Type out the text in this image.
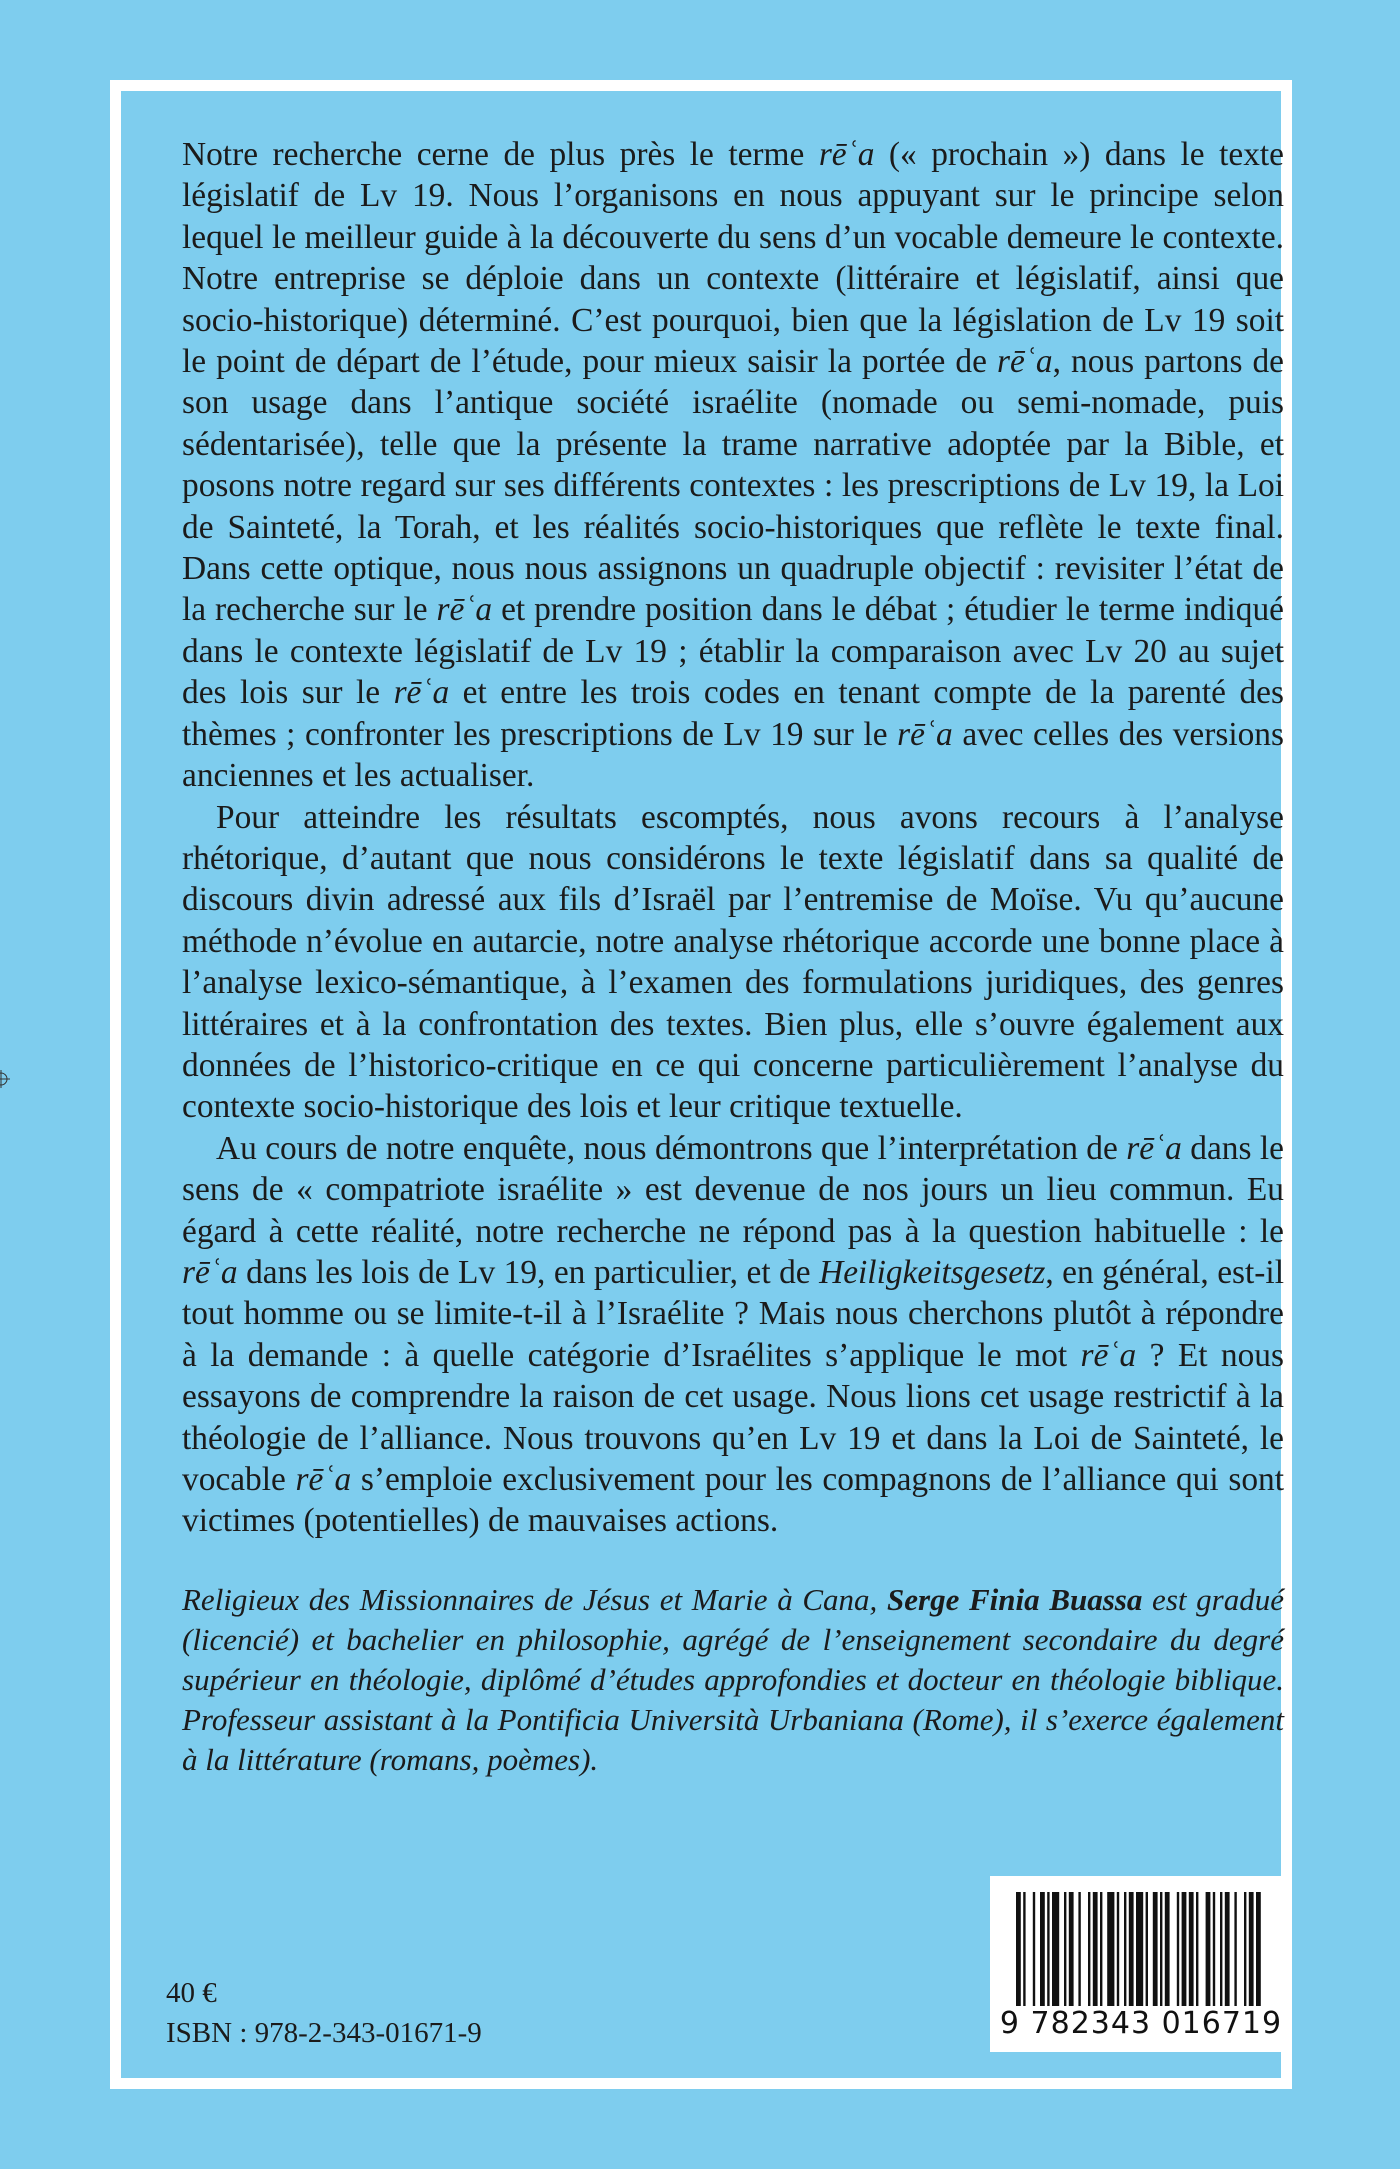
Notre recherche cerne de plus près le terme rēʿa (« prochain ») dans le texte législatif de Lv 19. Nous l’organisons en nous appuyant sur le principe selon lequel le meilleur guide à la découverte du sens d’un vocable demeure le contexte. Notre entreprise se déploie dans un contexte (littéraire et législatif, ainsi que socio-historique) déterminé. C’est pourquoi, bien que la législation de Lv 19 soit le point de départ de l’étude, pour mieux saisir la portée de rēʿa, nous partons de son usage dans l’antique société israélite (nomade ou semi-nomade, puis sédentarisée), telle que la présente la trame narrative adoptée par la Bible, et posons notre regard sur ses différents contextes : les prescriptions de Lv 19, la Loi de Sainteté, la Torah, et les réalités socio-historiques que reflète le texte final. Dans cette optique, nous nous assignons un quadruple objectif : revisiter l’état de la recherche sur le rēʿa et prendre position dans le débat ; étudier le terme indiqué dans le contexte législatif de Lv 19 ; établir la comparaison avec Lv 20 au sujet des lois sur le rēʿa et entre les trois codes en tenant compte de la parenté des thèmes ; confronter les prescriptions de Lv 19 sur le rēʿa avec celles des versions anciennes et les actualiser.

Pour atteindre les résultats escomptés, nous avons recours à l’analyse rhétorique, d’autant que nous considérons le texte législatif dans sa qualité de discours divin adressé aux fils d’Israël par l’entremise de Moïse. Vu qu’aucune méthode n’évolue en autarcie, notre analyse rhétorique accorde une bonne place à l’analyse lexico-sémantique, à l’examen des formulations juridiques, des genres littéraires et à la confrontation des textes. Bien plus, elle s’ouvre également aux données de l’historico-critique en ce qui concerne particulièrement l’analyse du contexte socio-historique des lois et leur critique textuelle.

Au cours de notre enquête, nous démontrons que l’interprétation de rēʿa dans le sens de « compatriote israélite » est devenue de nos jours un lieu commun. Eu égard à cette réalité, notre recherche ne répond pas à la question habituelle : le rēʿa dans les lois de Lv 19, en particulier, et de Heiligkeitsgesetz, en général, est-il tout homme ou se limite-t-il à l’Israélite ? Mais nous cherchons plutôt à répondre à la demande : à quelle catégorie d’Israélites s’applique le mot rēʿa ? Et nous essayons de comprendre la raison de cet usage. Nous lions cet usage restrictif à la théologie de l’alliance. Nous trouvons qu’en Lv 19 et dans la Loi de Sainteté, le vocable rēʿa s’emploie exclusivement pour les compagnons de l’alliance qui sont victimes (potentielles) de mauvaises actions.

Religieux des Missionnaires de Jésus et Marie à Cana, Serge Finia Buassa est gradué (licencié) et bachelier en philosophie, agrégé de l’enseignement secondaire du degré supérieur en théologie, diplômé d’études approfondies et docteur en théologie biblique. Professeur assistant à la Pontificia Università Urbaniana (Rome), il s’exerce également à la littérature (romans, poèmes).

40 €
ISBN : 978-2-343-01671-9	9 782343 016719
